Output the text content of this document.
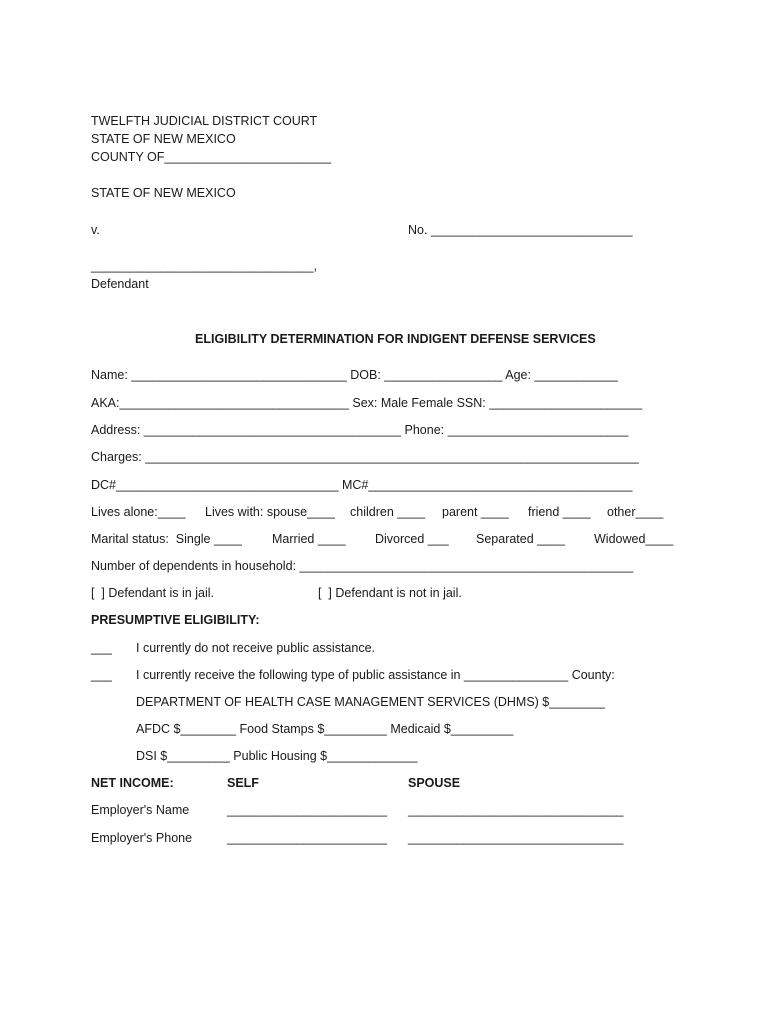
TWELFTH JUDICIAL DISTRICT COURT
STATE OF NEW MEXICO
COUNTY OF________________________
STATE OF NEW MEXICO
v.	No. _____________________________
________________________________,
Defendant
ELIGIBILITY DETERMINATION FOR INDIGENT DEFENSE SERVICES
Name: _______________________________ DOB: _________________ Age: ____________
AKA:_________________________________ Sex: Male Female SSN: ______________________
Address: _____________________________________ Phone: __________________________
Charges: _______________________________________________________________________
DC#________________________________ MC#______________________________________
Lives alone:____ Lives with: spouse____ children ____ parent ____ friend ____ other____
Marital status:  Single ____ Married ____ Divorced ___ Separated ____ Widowed____
Number of dependents in household: ________________________________________________
[  ] Defendant is in jail.	[  ] Defendant is not in jail.
PRESUMPTIVE ELIGIBILITY:
___ I currently do not receive public assistance.
___ I currently receive the following type of public assistance in _______________ County:
DEPARTMENT OF HEALTH CASE MANAGEMENT SERVICES (DHMS) $________
AFDC $________ Food Stamps $_________ Medicaid $_________
DSI $_________ Public Housing $_____________
NET INCOME:	SELF	SPOUSE
Employer's Name	_______________________ _______________________________
Employer's Phone	_______________________ _______________________________
